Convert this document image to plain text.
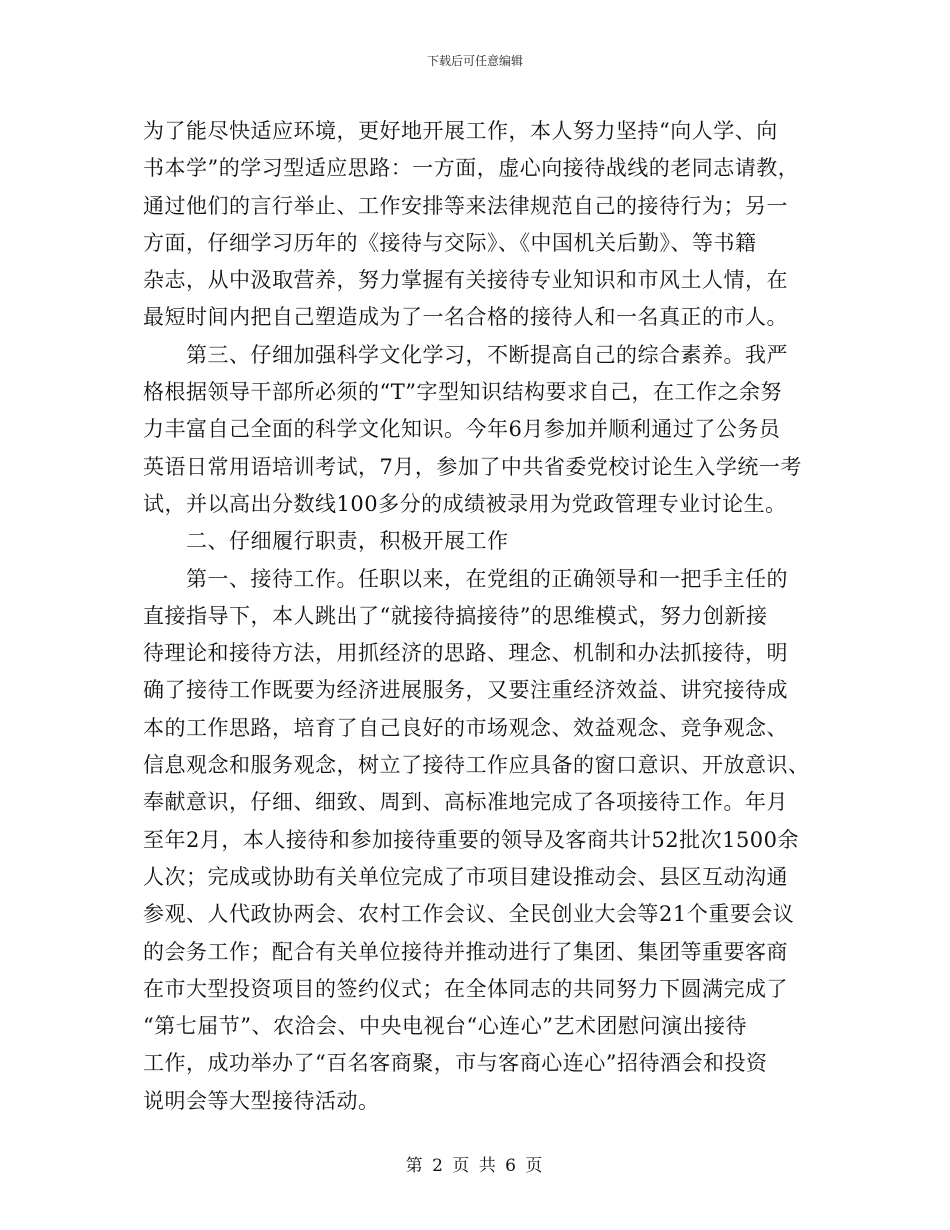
下载后可任意编辑
为了能尽快适应环境，更好地开展工作，本人努力坚持“向人学、向
书本学”的学习型适应思路：一方面，虚心向接待战线的老同志请教，
通过他们的言行举止、工作安排等来法律规范自己的接待行为；另一
方面，仔细学习历年的《接待与交际》、《中国机关后勤》、等书籍
杂志，从中汲取营养，努力掌握有关接待专业知识和市风土人情，在
最短时间内把自己塑造成为了一名合格的接待人和一名真正的市人。
　　第三、仔细加强科学文化学习，不断提高自己的综合素养。我严
格根据领导干部所必须的“T”字型知识结构要求自己，在工作之余努
力丰富自己全面的科学文化知识。今年6月参加并顺利通过了公务员
英语日常用语培训考试，7月，参加了中共省委党校讨论生入学统一考
试，并以高出分数线100多分的成绩被录用为党政管理专业讨论生。
　　二、仔细履行职责，积极开展工作
　　第一、接待工作。任职以来，在党组的正确领导和一把手主任的
直接指导下，本人跳出了“就接待搞接待”的思维模式，努力创新接
待理论和接待方法，用抓经济的思路、理念、机制和办法抓接待，明
确了接待工作既要为经济进展服务，又要注重经济效益、讲究接待成
本的工作思路，培育了自己良好的市场观念、效益观念、竞争观念、
信息观念和服务观念，树立了接待工作应具备的窗口意识、开放意识、
奉献意识，仔细、细致、周到、高标准地完成了各项接待工作。年月
至年2月，本人接待和参加接待重要的领导及客商共计52批次1500余
人次；完成或协助有关单位完成了市项目建设推动会、县区互动沟通
参观、人代政协两会、农村工作会议、全民创业大会等21个重要会议
的会务工作；配合有关单位接待并推动进行了集团、集团等重要客商
在市大型投资项目的签约仪式；在全体同志的共同努力下圆满完成了
“第七届节”、农洽会、中央电视台“心连心”艺术团慰问演出接待
工作，成功举办了“百名客商聚，市与客商心连心”招待酒会和投资
说明会等大型接待活动。
第 2 页 共 6 页
